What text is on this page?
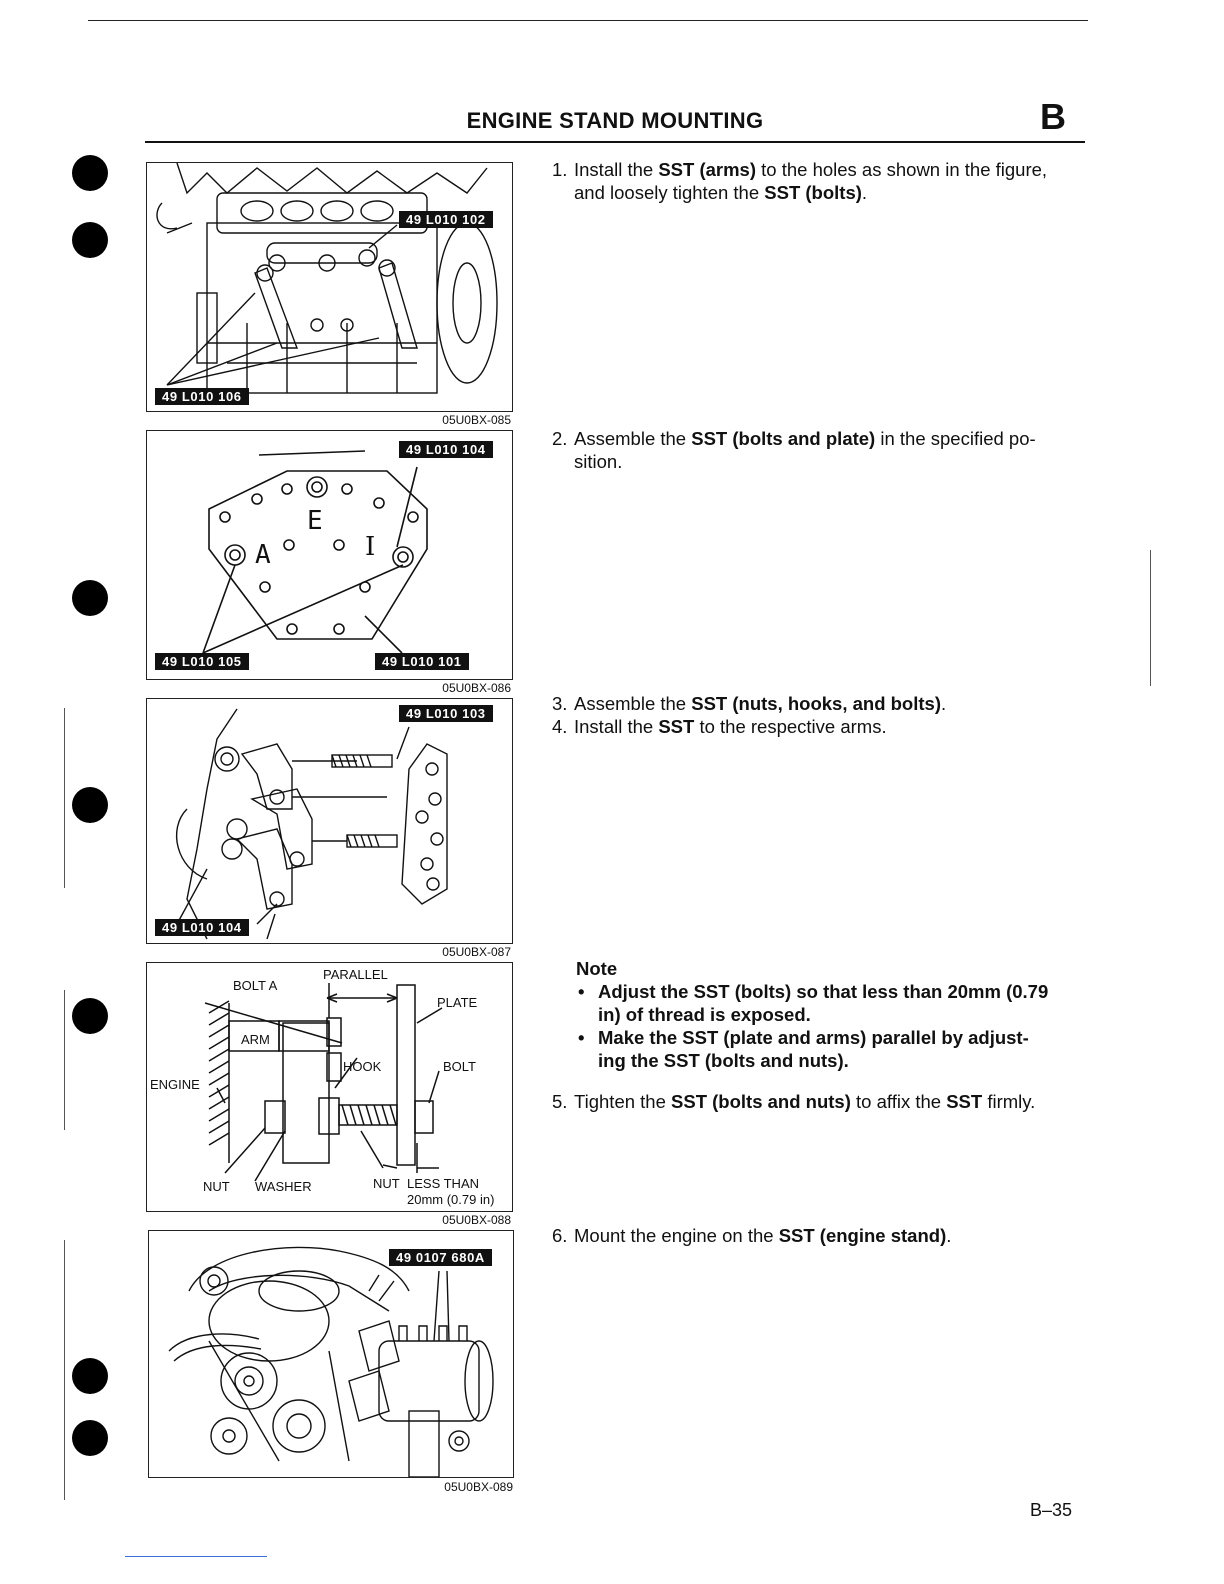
ENGINE STAND MOUNTING	B
49 L010 102
49 L010 106
05U0BX-085
E
A	I
49 L010 104
49 L010 105	49 L010 101
05U0BX-086
49 L010 103
49 L010 104
05U0BX-087
BOLT A
PARALLEL
PLATE
ARM
HOOK	BOLT
ENGINE
NUT WASHER	NUT LESS THAN
20mm (0.79 in)
05U0BX-088
49 0107 680A
05U0BX-089
1. Install the SST (arms) to the holes as shown in the figure,
and loosely tighten the SST (bolts).
2. Assemble the SST (bolts and plate) in the specified po-
sition.
3. Assemble the SST (nuts, hooks, and bolts).
4. Install the SST to the respective arms.
Note
• Adjust the SST (bolts) so that less than 20mm (0.79
in) of thread is exposed.
• Make the SST (plate and arms) parallel by adjust-
ing the SST (bolts and nuts).
5. Tighten the SST (bolts and nuts) to affix the SST firmly.
6. Mount the engine on the SST (engine stand).
B–35
